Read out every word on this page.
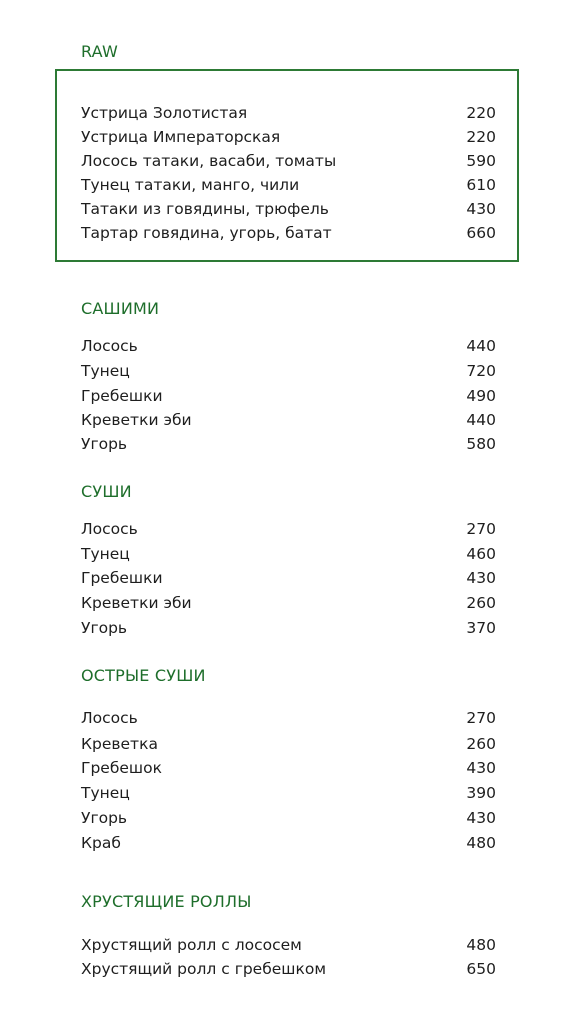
RAW
Устрица Золотистая	220
Устрица Императорская	220
Лосось татаки, васаби, томаты	590
Тунец татаки, манго, чили	610
Татаки из говядины, трюфель	430
Тартар говядина, угорь, батат	660
САШИМИ
Лосось	440
Тунец	720
Гребешки	490
Креветки эби	440
Угорь	580
СУШИ
Лосось	270
Тунец	460
Гребешки	430
Креветки эби	260
Угорь	370
ОСТРЫЕ СУШИ
Лосось	270
Креветка	260
Гребешок	430
Тунец	390
Угорь	430
Краб	480
ХРУСТЯЩИЕ РОЛЛЫ
Хрустящий ролл с лососем	480
Хрустящий ролл с гребешком	650
